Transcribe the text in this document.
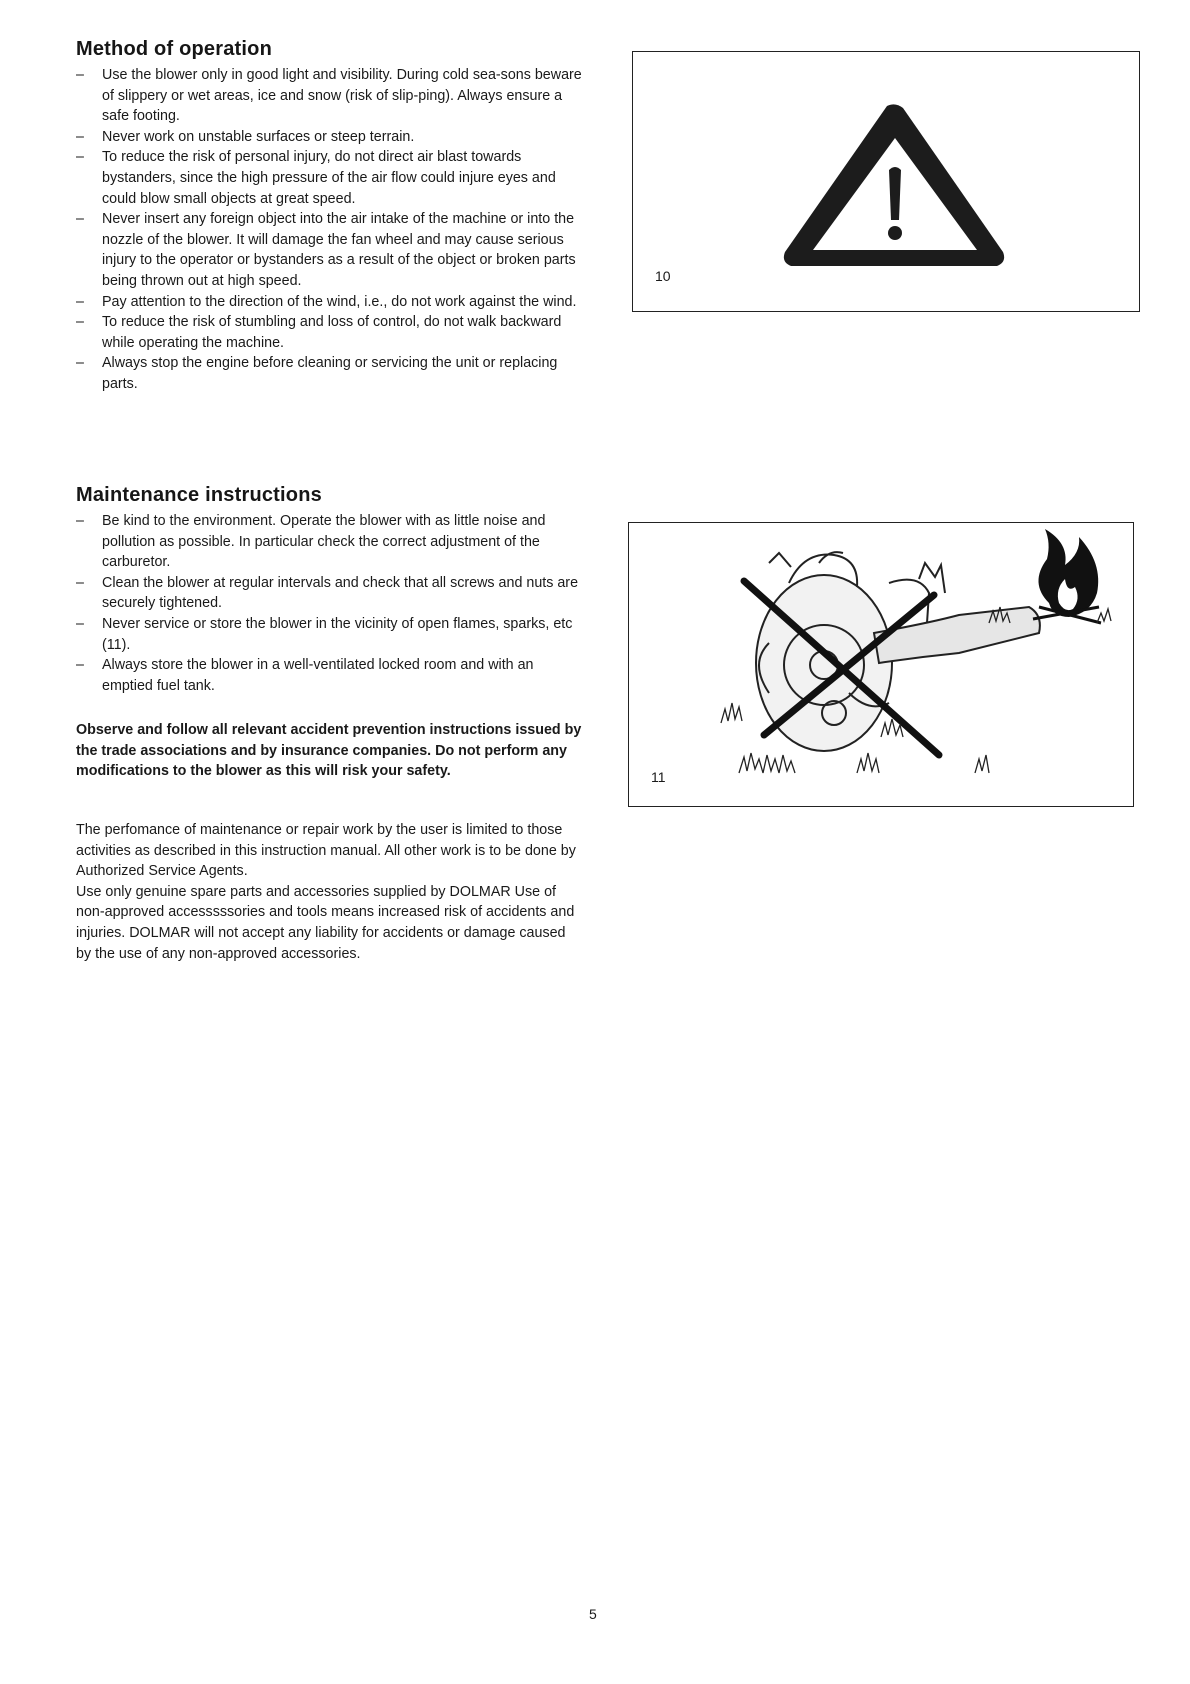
Method of operation
– Use the blower only in good light and visibility. During cold sea-sons beware of slippery or wet areas, ice and snow (risk of slip-ping). Always ensure a safe footing.
– Never work on unstable surfaces or steep terrain.
– To reduce the risk of personal injury, do not direct air blast towards bystanders, since the high pressure of the air flow could injure eyes and could blow small objects at great speed.
– Never insert any foreign object into the air intake of the machine or into the nozzle of the blower. It will damage the fan wheel and may cause serious injury to the operator or bystanders as a result of the object or broken parts being thrown out at high speed.
– Pay attention to the direction of the wind, i.e., do not work against the wind.
– To reduce the risk of stumbling and loss of control, do not walk backward while operating the machine.
– Always stop the engine before cleaning or servicing the unit or replacing parts.
Maintenance instructions
– Be kind to the environment. Operate the blower with as little noise and pollution as possible. In particular check the correct adjustment of the carburetor.
– Clean the blower at regular intervals and check that all screws and nuts are securely tightened.
– Never service or store the blower in the vicinity of open flames, sparks, etc (11).
– Always store the blower in a well-ventilated locked room and with an emptied fuel tank.

Observe and follow all relevant accident prevention instructions issued by the trade associations and by insurance companies. Do not perform any modifications to the blower as this will risk your safety.

The perfomance of maintenance or repair work by the user is limited to those activities as described in this instruction manual. All other work is to be done by Authorized Service Agents.

Use only genuine spare parts and accessories supplied by DOLMAR Use of non-approved accesssssories and tools means increased risk of accidents and injuries. DOLMAR will not accept any liability for accidents or damage caused by the use of any non-approved accessories.

10
11
5
